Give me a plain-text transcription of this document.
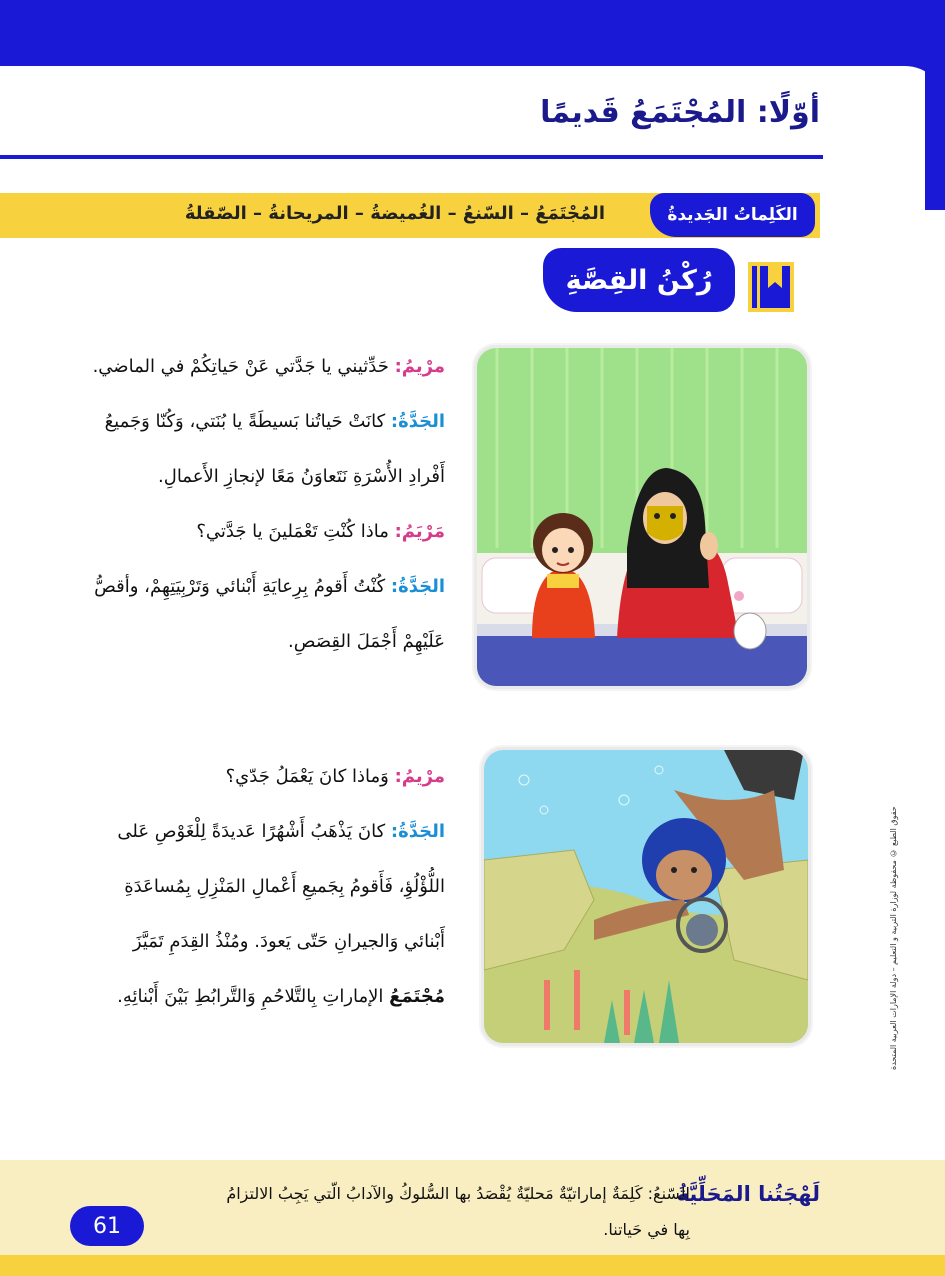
أوّلًا: المُجْتَمَعُ قَديمًا
المُجْتَمَعُ – السّنعُ – الغُميضةُ – المريحانةُ – الصّقلةُ	الكَلِماتُ الجَديدةُ
رُكْنُ القِصَّةِ
مرْيمُ: حَدِّثيني يا جَدَّتي عَنْ حَياتِكُمْ في الماضي.
الجَدَّةُ: كانَتْ حَياتُنا بَسيطَةً يا بُنَتي، وَكُنّا وَجَميعُ
أَفْرادِ الأُسْرَةِ نَتَعاوَنُ مَعًا لإنجازِ الأَعمالِ.
مَرْيَمُ: ماذا كُنْتِ تَعْمَلينَ يا جَدَّتي؟
الجَدَّةُ: كُنْتُ أَقومُ بِرِعايَةِ أَبْنائي وَتَرْبِيَتِهِمْ، وأقصُّ
عَلَيْهِمْ أَجْمَلَ القِصَصِ.
مرْيمُ: وَماذا كانَ يَعْمَلُ جَدّي؟
الجَدَّةُ: كانَ يَذْهَبُ أَشْهُرًا عَديدَةً لِلْغَوْصِ عَلى
اللُّؤْلُؤِ، فَأَقومُ بِجَميعِ أَعْمالِ المَنْزِلِ بِمُساعَدَةِ
أَبْنائي وَالجيرانِ حَتّى يَعودَ. ومُنْذُ القِدَمِ تَمَيَّزَ
مُجْتَمَعُ الإماراتِ بِالتَّلاحُمِ وَالتَّرابُطِ بَيْنَ أَبْنائِهِ.	حقوق الطبع © محفوظة لوزارة التربية و التعليم – دولة الإمارات العربية المتحدة
لَهْجَتُنا المَحَلِّيَّةُ
السّنعُ: كَلِمَةٌ إماراتيّةٌ مَحليّةٌ يُقْصَدُ بها السُّلوكُ والآدابُ الّتي يَجِبُ الالتزامُ
بِها في حَياتنا.
61
